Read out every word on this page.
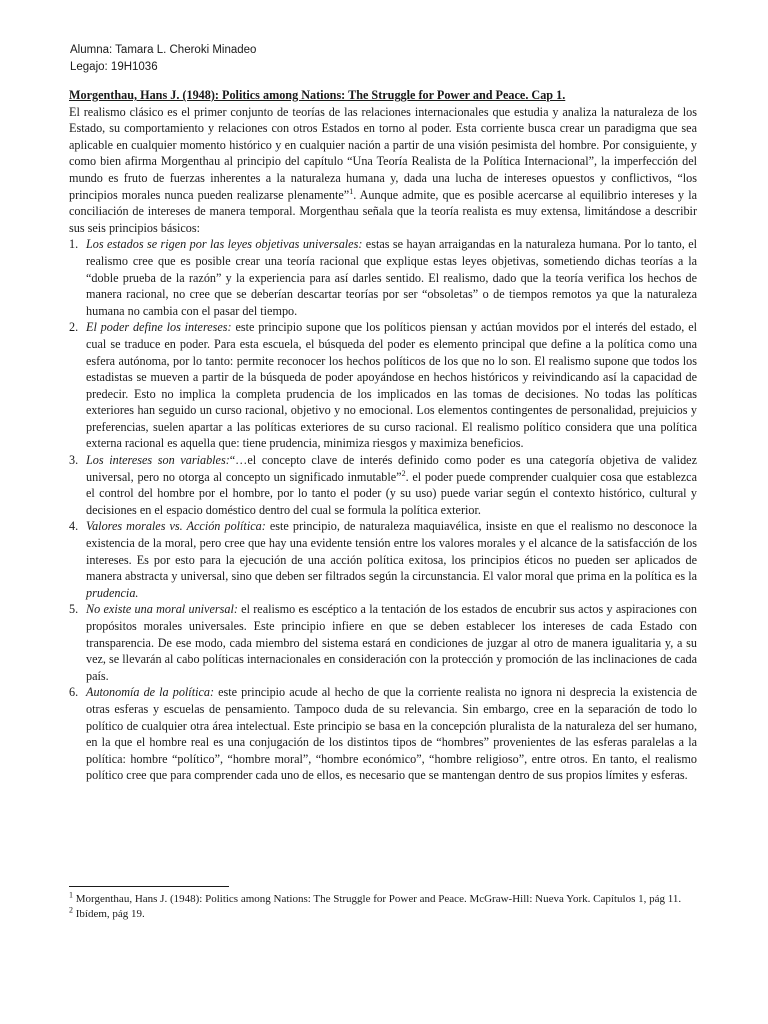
Alumna: Tamara L. Cheroki Minadeo
Legajo: 19H1036

Morgenthau, Hans J. (1948): Politics among Nations: The Struggle for Power and Peace. Cap 1.

El realismo clásico es el primer conjunto de teorías de las relaciones internacionales que estudia y analiza la naturaleza de los Estado, su comportamiento y relaciones con otros Estados en torno al poder. Esta corriente busca crear un paradigma que sea aplicable en cualquier momento histórico y en cualquier nación a partir de una visión pesimista del hombre. Por consiguiente, y como bien afirma Morgenthau al principio del capítulo “Una Teoría Realista de la Política Internacional”, la imperfección del mundo es fruto de fuerzas inherentes a la naturaleza humana y, dada una lucha de intereses opuestos y conflictivos, “los principios morales nunca pueden realizarse plenamente”$^1$. Aunque admite, que es posible acercarse al equilibrio intereses y la conciliación de intereses de manera temporal. Morgenthau señala que la teoría realista es muy extensa, limitándose a describir sus seis principios básicos:

1. Los estados se rigen por las leyes objetivas universales: estas se hayan arraigandas en la naturaleza humana. Por lo tanto, el realismo cree que es posible crear una teoría racional que explique estas leyes objetivas, sometiendo dichas teorías a la “doble prueba de la razón” y la experiencia para así darles sentido. El realismo, dado que la teoría verifica los hechos de manera racional, no cree que se deberían descartar teorías por ser “obsoletas” o de tiempos remotos ya que la naturaleza humana no cambia con el pasar del tiempo.
2. El poder define los intereses: este principio supone que los políticos piensan y actúan movidos por el interés del estado, el cual se traduce en poder. Para esta escuela, el búsqueda del poder es elemento principal que define a la política como una esfera autónoma, por lo tanto: permite reconocer los hechos políticos de los que no lo son. El realismo supone que todos los estadistas se mueven a partir de la búsqueda de poder apoyándose en hechos históricos y reivindicando así la capacidad de predecir. Esto no implica la completa prudencia de los implicados en las tomas de decisiones. No todas las políticas exteriores han seguido un curso racional, objetivo y no emocional. Los elementos contingentes de personalidad, prejuicios y preferencias, suelen apartar a las políticas exteriores de su curso racional. El realismo político considera que una política externa racional es aquella que: tiene prudencia, minimiza riesgos y maximiza beneficios.
3. Los intereses son variables:“…el concepto clave de interés definido como poder es una categoría objetiva de validez universal, pero no otorga al concepto un significado inmutable”$^2$. el poder puede comprender cualquier cosa que establezca el control del hombre por el hombre, por lo tanto el poder (y su uso) puede variar según el contexto histórico, cultural y decisiones en el espacio doméstico dentro del cual se formula la política exterior.
4. Valores morales vs. Acción política: este principio, de naturaleza maquiavélica, insiste en que el realismo no desconoce la existencia de la moral, pero cree que hay una evidente tensión entre los valores morales y el alcance de la satisfacción de los intereses. Es por esto para la ejecución de una acción política exitosa, los principios éticos no pueden ser aplicados de manera abstracta y universal, sino que deben ser filtrados según la circunstancia. El valor moral que prima en la política es la prudencia.
5. No existe una moral universal: el realismo es escéptico a la tentación de los estados de encubrir sus actos y aspiraciones con propósitos morales universales. Este principio infiere en que se deben establecer los intereses de cada Estado con transparencia. De ese modo, cada miembro del sistema estará en condiciones de juzgar al otro de manera igualitaria y, a su vez, se llevarán al cabo políticas internacionales en consideración con la protección y promoción de las inclinaciones de cada país.
6. Autonomía de la política: este principio acude al hecho de que la corriente realista no ignora ni desprecia la existencia de otras esferas y escuelas de pensamiento. Tampoco duda de su relevancia. Sin embargo, cree en la separación de todo lo político de cualquier otra área intelectual. Este principio se basa en la concepción pluralista de la naturaleza del ser humano, en la que el hombre real es una conjugación de los distintos tipos de “hombres” provenientes de las esferas paralelas a la política: hombre “político”, “hombre moral”, “hombre económico”, “hombre religioso”, entre otros. En tanto, el realismo político cree que para comprender cada uno de ellos, es necesario que se mantengan dentro de sus propios límites y esferas.

$^1$ Morgenthau, Hans J. (1948): Politics among Nations: The Struggle for Power and Peace. McGraw-Hill: Nueva York. Capítulos 1, pág 11.

$^2$ Ibídem, pág 19.
